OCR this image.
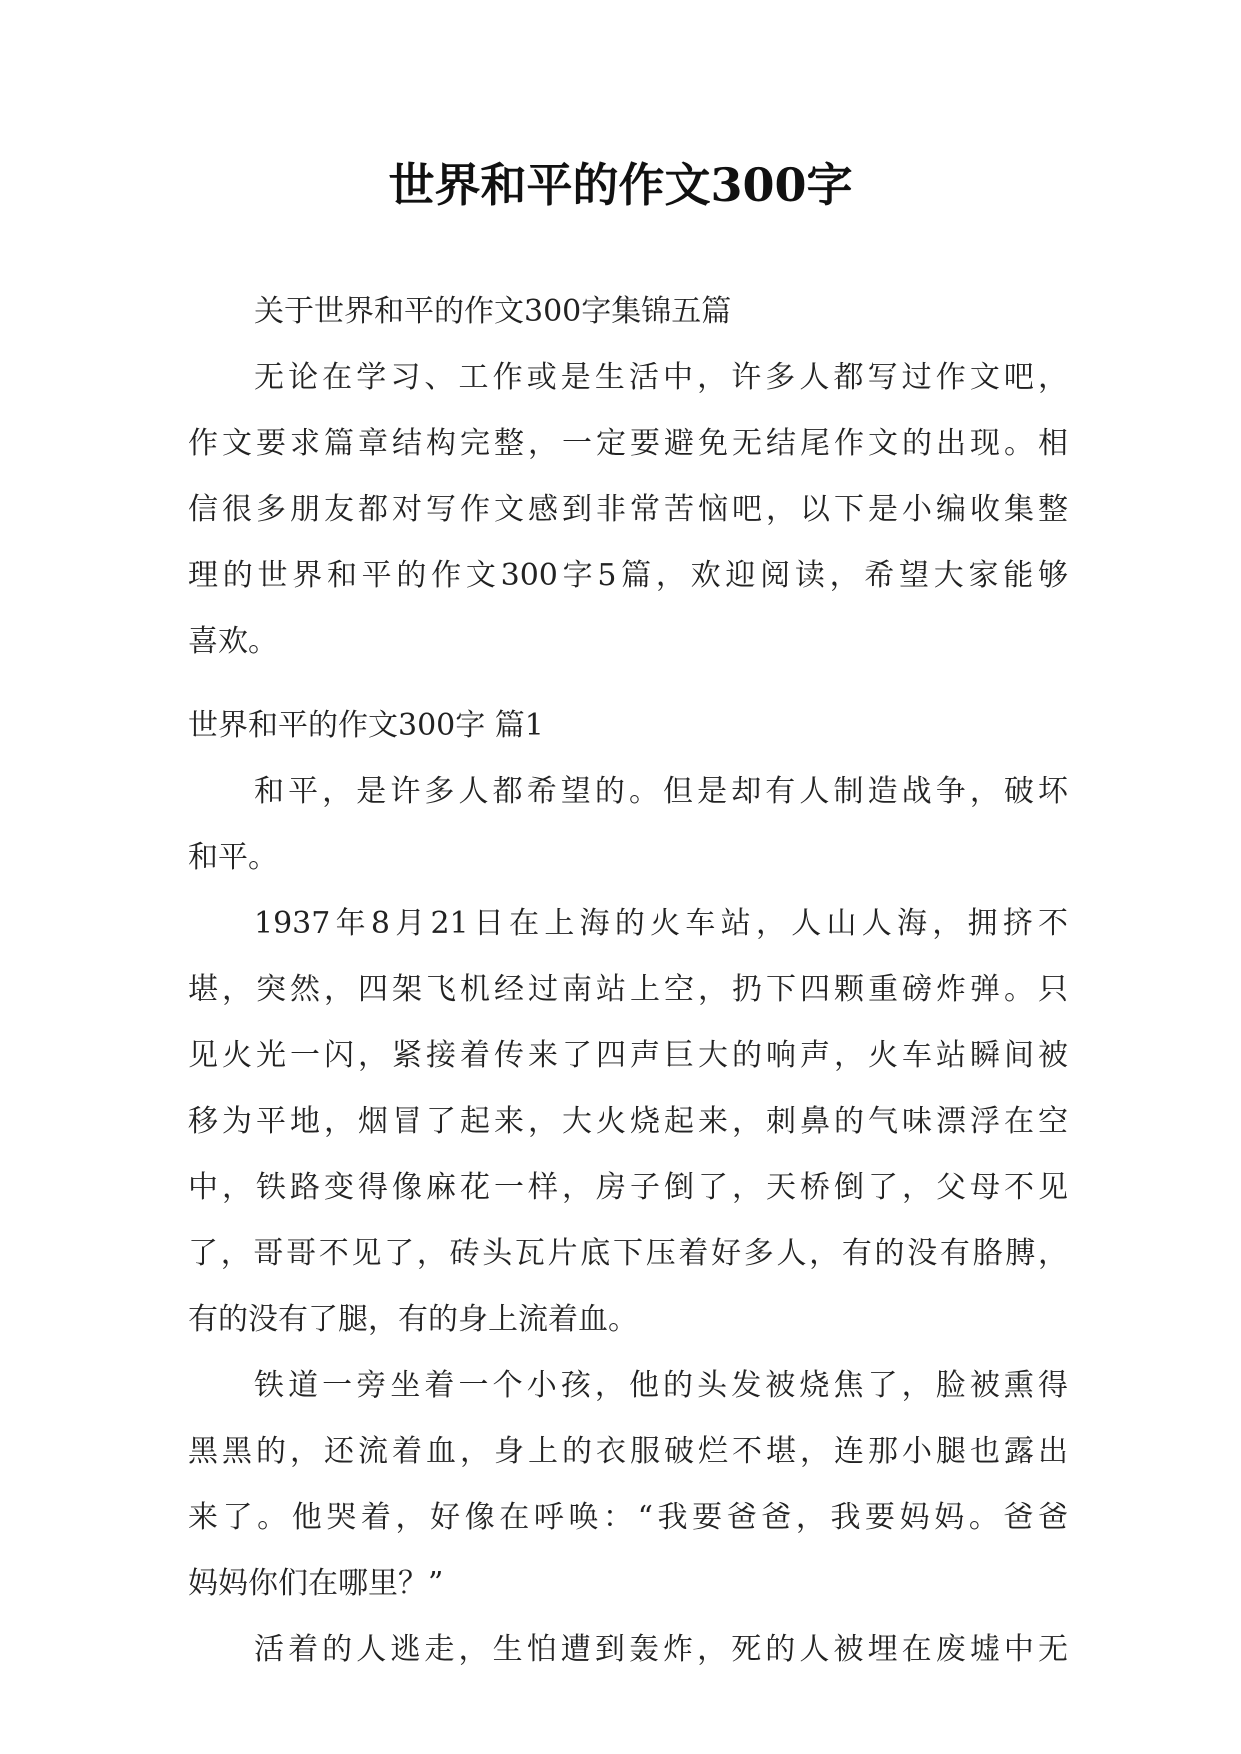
世界和平的作文300字
关于世界和平的作文300字集锦五篇
无论在学习、工作或是生活中，许多人都写过作文吧，
作文要求篇章结构完整，一定要避免无结尾作文的出现。相
信很多朋友都对写作文感到非常苦恼吧，以下是小编收集整
理的世界和平的作文300字5篇，欢迎阅读，希望大家能够
喜欢。
世界和平的作文300字 篇1
和平，是许多人都希望的。但是却有人制造战争，破坏
和平。
1937年8月21日在上海的火车站，人山人海，拥挤不
堪，突然，四架飞机经过南站上空，扔下四颗重磅炸弹。只
见火光一闪，紧接着传来了四声巨大的响声，火车站瞬间被
移为平地，烟冒了起来，大火烧起来，刺鼻的气味漂浮在空
中，铁路变得像麻花一样，房子倒了，天桥倒了，父母不见
了，哥哥不见了，砖头瓦片底下压着好多人，有的没有胳膊，
有的没有了腿，有的身上流着血。
铁道一旁坐着一个小孩，他的头发被烧焦了，脸被熏得
黑黑的，还流着血，身上的衣服破烂不堪，连那小腿也露出
来了。他哭着，好像在呼唤：“我要爸爸，我要妈妈。爸爸
妈妈你们在哪里？”
活着的人逃走，生怕遭到轰炸，死的人被埋在废墟中无
